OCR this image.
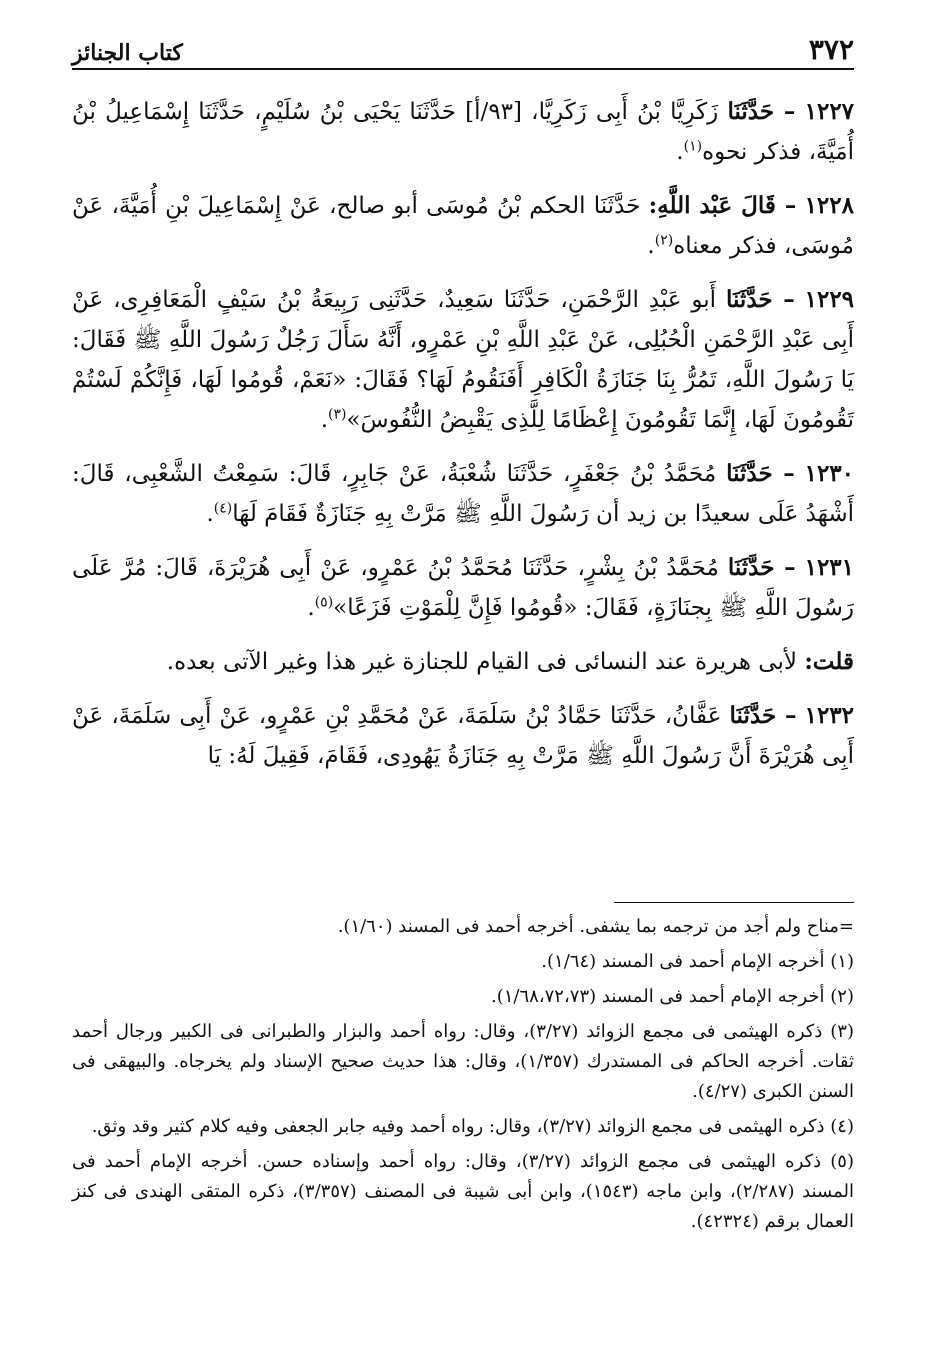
٣٧٢
كتاب الجنائز

١٢٢٧ – حَدَّثَنَا زَكَرِيَّا بْنُ أَبِى زَكَرِيَّا، [٩٣/أ] حَدَّثَنَا يَحْيَى بْنُ سُلَيْمٍ، حَدَّثَنَا إِسْمَاعِيلُ بْنُ أُمَيَّةَ، فذكر نحوه$^{(١)}$.

١٢٢٨ – قَالَ عَبْد اللَّهِ: حَدَّثَنَا الحكم بْنُ مُوسَى أبو صالح، عَنْ إِسْمَاعِيلَ بْنِ أُمَيَّةَ، عَنْ مُوسَى، فذكر معناه$^{(٢)}$.

١٢٢٩ – حَدَّثَنَا أَبو عَبْدِ الرَّحْمَنِ، حَدَّثَنَا سَعِيدٌ، حَدَّثَنِى رَبِيعَةُ بْنُ سَيْفٍ الْمَعَافِرِى، عَنْ أَبِى عَبْدِ الرَّحْمَنِ الْحُبُلِى، عَنْ عَبْدِ اللَّهِ بْنِ عَمْرٍو، أَنَّهُ سَأَلَ رَجُلٌ رَسُولَ اللَّهِ ﷺ فَقَالَ: يَا رَسُولَ اللَّهِ، تَمُرُّ بِنَا جَنَازَةُ الْكَافِرِ أَفَنَقُومُ لَهَا؟ فَقَالَ: «نَعَمْ، قُومُوا لَهَا، فَإِنَّكُمْ لَسْتُمْ تَقُومُونَ لَهَا، إِنَّمَا تَقُومُونَ إِعْظَامًا لِلَّذِى يَقْبِضُ النُّفُوسَ»$^{(٣)}$.

١٢٣٠ – حَدَّثَنَا مُحَمَّدُ بْنُ جَعْفَرٍ، حَدَّثَنَا شُعْبَةُ، عَنْ جَابِرٍ، قَالَ: سَمِعْتُ الشَّعْبِى، قَالَ: أَشْهَدُ عَلَى سعيدًا بن زيد أن رَسُولَ اللَّهِ ﷺ مَرَّتْ بِهِ جَنَازَةٌ فَقَامَ لَهَا$^{(٤)}$.

١٢٣١ – حَدَّثَنَا مُحَمَّدُ بْنُ بِشْرٍ، حَدَّثَنَا مُحَمَّدُ بْنُ عَمْرٍو، عَنْ أَبِى هُرَيْرَةَ، قَالَ: مُرَّ عَلَى رَسُولَ اللَّهِ ﷺ بِجنَازَةٍ، فَقَالَ: «قُومُوا فَإِنَّ لِلْمَوْتِ فَزَعًا»$^{(٥)}$.

قلت: لأبى هريرة عند النسائى فى القيام للجنازة غير هذا وغير الآتى بعده.

١٢٣٢ – حَدَّثَنَا عَفَّانُ، حَدَّثَنَا حَمَّادُ بْنُ سَلَمَةَ، عَنْ مُحَمَّدِ بْنِ عَمْرٍو، عَنْ أَبِى سَلَمَةَ، عَنْ أَبِى هُرَيْرَةَ أَنَّ رَسُولَ اللَّهِ ﷺ مَرَّتْ بِهِ جَنَازَةُ يَهُودِى، فَقَامَ، فَقِيلَ لَهُ: يَا

=مناح ولم أجد من ترجمه بما يشفى. أخرجه أحمد فى المسند (١/٦٠).

(١) أخرجه الإمام أحمد فى المسند (١/٦٤).

(٢) أخرجه الإمام أحمد فى المسند (١/٦٨،٧٢،٧٣).

(٣) ذكره الهيثمى فى مجمع الزوائد (٣/٢٧)، وقال: رواه أحمد والبزار والطبرانى فى الكبير ورجال أحمد ثقات. أخرجه الحاكم فى المستدرك (١/٣٥٧)، وقال: هذا حديث صحيح الإسناد ولم يخرجاه. والبيهقى فى السنن الكبرى (٤/٢٧).

(٤) ذكره الهيثمى فى مجمع الزوائد (٣/٢٧)، وقال: رواه أحمد وفيه جابر الجعفى وفيه كلام كثير وقد وثق.

(٥) ذكره الهيثمى فى مجمع الزوائد (٣/٢٧)، وقال: رواه أحمد وإسناده حسن. أخرجه الإمام أحمد فى المسند (٢/٢٨٧)، وابن ماجه (١٥٤٣)، وابن أبى شيبة فى المصنف (٣/٣٥٧)، ذكره المتقى الهندى فى كنز العمال برقم (٤٢٣٢٤).
